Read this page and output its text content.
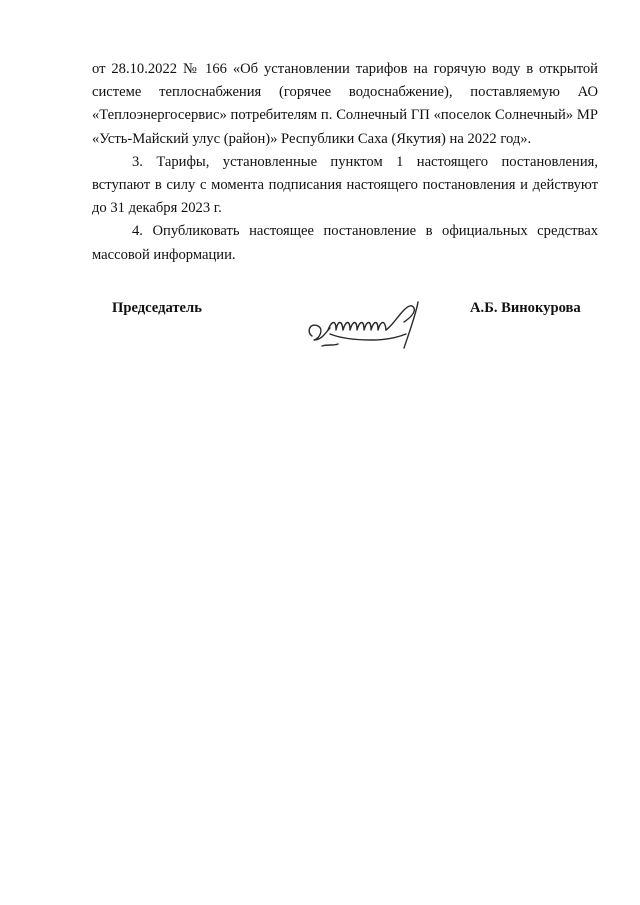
от 28.10.2022 № 166 «Об установлении тарифов на горячую воду в открытой системе теплоснабжения (горячее водоснабжение), поставляемую АО «Теплоэнергосервис» потребителям п. Солнечный ГП «поселок Солнечный» МР «Усть-Майский улус (район)» Республики Саха (Якутия) на 2022 год».

3. Тарифы, установленные пунктом 1 настоящего постановления, вступают в силу с момента подписания настоящего постановления и действуют до 31 декабря 2023 г.

4. Опубликовать настоящее постановление в официальных средствах массовой информации.

Председатель	А.Б. Винокурова
